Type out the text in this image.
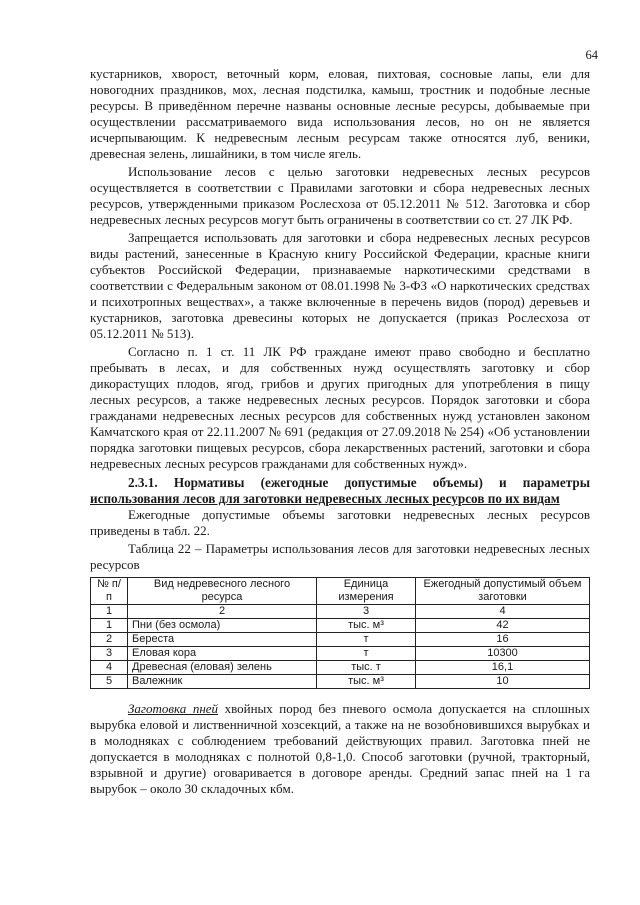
64

кустарников, хворост, веточный корм, еловая, пихтовая, сосновые лапы, ели для новогодних праздников, мох, лесная подстилка, камыш, тростник и подобные лесные ресурсы. В приведённом перечне названы основные лесные ресурсы, добываемые при осуществлении рассматриваемого вида использования лесов, но он не является исчерпывающим. К недревесным лесным ресурсам также относятся луб, веники, древесная зелень, лишайники, в том числе ягель.

Использование лесов с целью заготовки недревесных лесных ресурсов осуществляется в соответствии с Правилами заготовки и сбора недревесных лесных ресурсов, утвержденными приказом Рослесхоза от 05.12.2011 № 512. Заготовка и сбор недревесных лесных ресурсов могут быть ограничены в соответствии со ст. 27 ЛК РФ.

Запрещается использовать для заготовки и сбора недревесных лесных ресурсов виды растений, занесенные в Красную книгу Российской Федерации, красные книги субъектов Российской Федерации, признаваемые наркотическими средствами в соответствии с Федеральным законом от 08.01.1998 № 3-ФЗ «О наркотических средствах и психотропных веществах», а также включенные в перечень видов (пород) деревьев и кустарников, заготовка древесины которых не допускается (приказ Рослесхоза от 05.12.2011 № 513).

Согласно п. 1 ст. 11 ЛК РФ граждане имеют право свободно и бесплатно пребывать в лесах, и для собственных нужд осуществлять заготовку и сбор дикорастущих плодов, ягод, грибов и других пригодных для употребления в пищу лесных ресурсов, а также недревесных лесных ресурсов. Порядок заготовки и сбора гражданами недревесных лесных ресурсов для собственных нужд установлен законом Камчатского края от 22.11.2007 № 691 (редакция от 27.09.2018 № 254) «Об установлении порядка заготовки пищевых ресурсов, сбора лекарственных растений, заготовки и сбора недревесных лесных ресурсов гражданами для собственных нужд».

2.3.1. Нормативы (ежегодные допустимые объемы) и параметры использования лесов для заготовки недревесных лесных ресурсов по их видам

Ежегодные допустимые объемы заготовки недревесных лесных ресурсов приведены в табл. 22.

Таблица 22 – Параметры использования лесов для заготовки недревесных лесных ресурсов

№ п/п	Вид недревесного лесного ресурса	Единица измерения	Ежегодный допустимый объем заготовки
1	2	3	4
1	Пни (без осмола)	тыс. м³	42
2	Береста	т	16
3	Еловая кора	т	10300
4	Древесная (еловая) зелень	тыс. т	16,1
5	Валежник	тыс. м³	10

Заготовка пней хвойных пород без пневого осмола допускается на сплошных вырубка еловой и лиственничной хозсекций, а также на не возобновившихся вырубках и в молодняках с соблюдением требований действующих правил. Заготовка пней не допускается в молодняках с полнотой 0,8-1,0. Способ заготовки (ручной, тракторный, взрывной и другие) оговаривается в договоре аренды. Средний запас пней на 1 га вырубок – около 30 складочных кбм.
